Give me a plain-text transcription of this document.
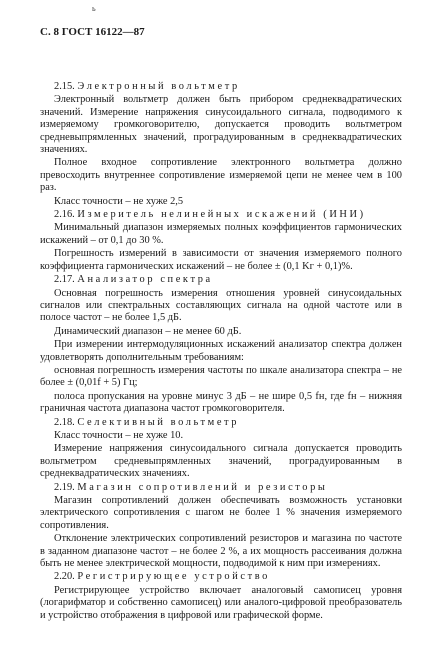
ь
С. 8 ГОСТ 16122—87

2.15. Электронный вольтметр

Электронный вольтметр должен быть прибором среднеквадратических значений. Измерение напряжения синусоидального сигнала, подводимого к измеряемому громкоговорителю, допускается проводить вольтметром средневыпрямленных значений, проградуированным в среднеквадратических значениях.

Полное входное сопротивление электронного вольтметра должно превосходить внутреннее сопротивление измеряемой цепи не менее чем в 100 раз.

Класс точности – не хуже 2,5

2.16. Измеритель нелинейных искажений (ИНИ)

Минимальный диапазон измеряемых полных коэффициентов гармонических искажений – от 0,1 до 30 %.

Погрешность измерений в зависимости от значения измеряемого полного коэффициента гармонических искажений – не более ± (0,1 Kг + 0,1)%.

2.17. Анализатор спектра

Основная погрешность измерения отношения уровней синусоидальных сигналов или спектральных составляющих сигнала на одной частоте или в полосе частот – не более 1,5 дБ.

Динамический диапазон – не менее 60 дБ.

При измерении интермодуляционных искажений анализатор спектра должен удовлетворять дополнительным требованиям:

основная погрешность измерения частоты по шкале анализатора спектра – не более ± (0,01f + 5) Гц;

полоса пропускания на уровне минус 3 дБ – не шире 0,5 fн, где fн – нижняя граничная частота диапазона частот громкоговорителя.

2.18. Селективный вольтметр

Класс точности – не хуже 10.

Измерение напряжения синусоидального сигнала допускается проводить вольтметром средневыпрямленных значений, проградуированным в среднеквадратических значениях.

2.19. Магазин сопротивлений и резисторы

Магазин сопротивлений должен обеспечивать возможность установки электрического сопротивления с шагом не более 1 % значения измеряемого сопротивления.

Отклонение электрических сопротивлений резисторов и магазина по частоте в заданном диапазоне частот – не более 2 %, а их мощность рассеивания должна быть не менее электрической мощности, подводимой к ним при измерениях.

2.20. Регистрирующее устройство

Регистрирующее устройство включает аналоговый самописец уровня (логарифматор и собственно самописец) или аналого-цифровой преобразователь и устройство отображения в цифровой или графической форме.
